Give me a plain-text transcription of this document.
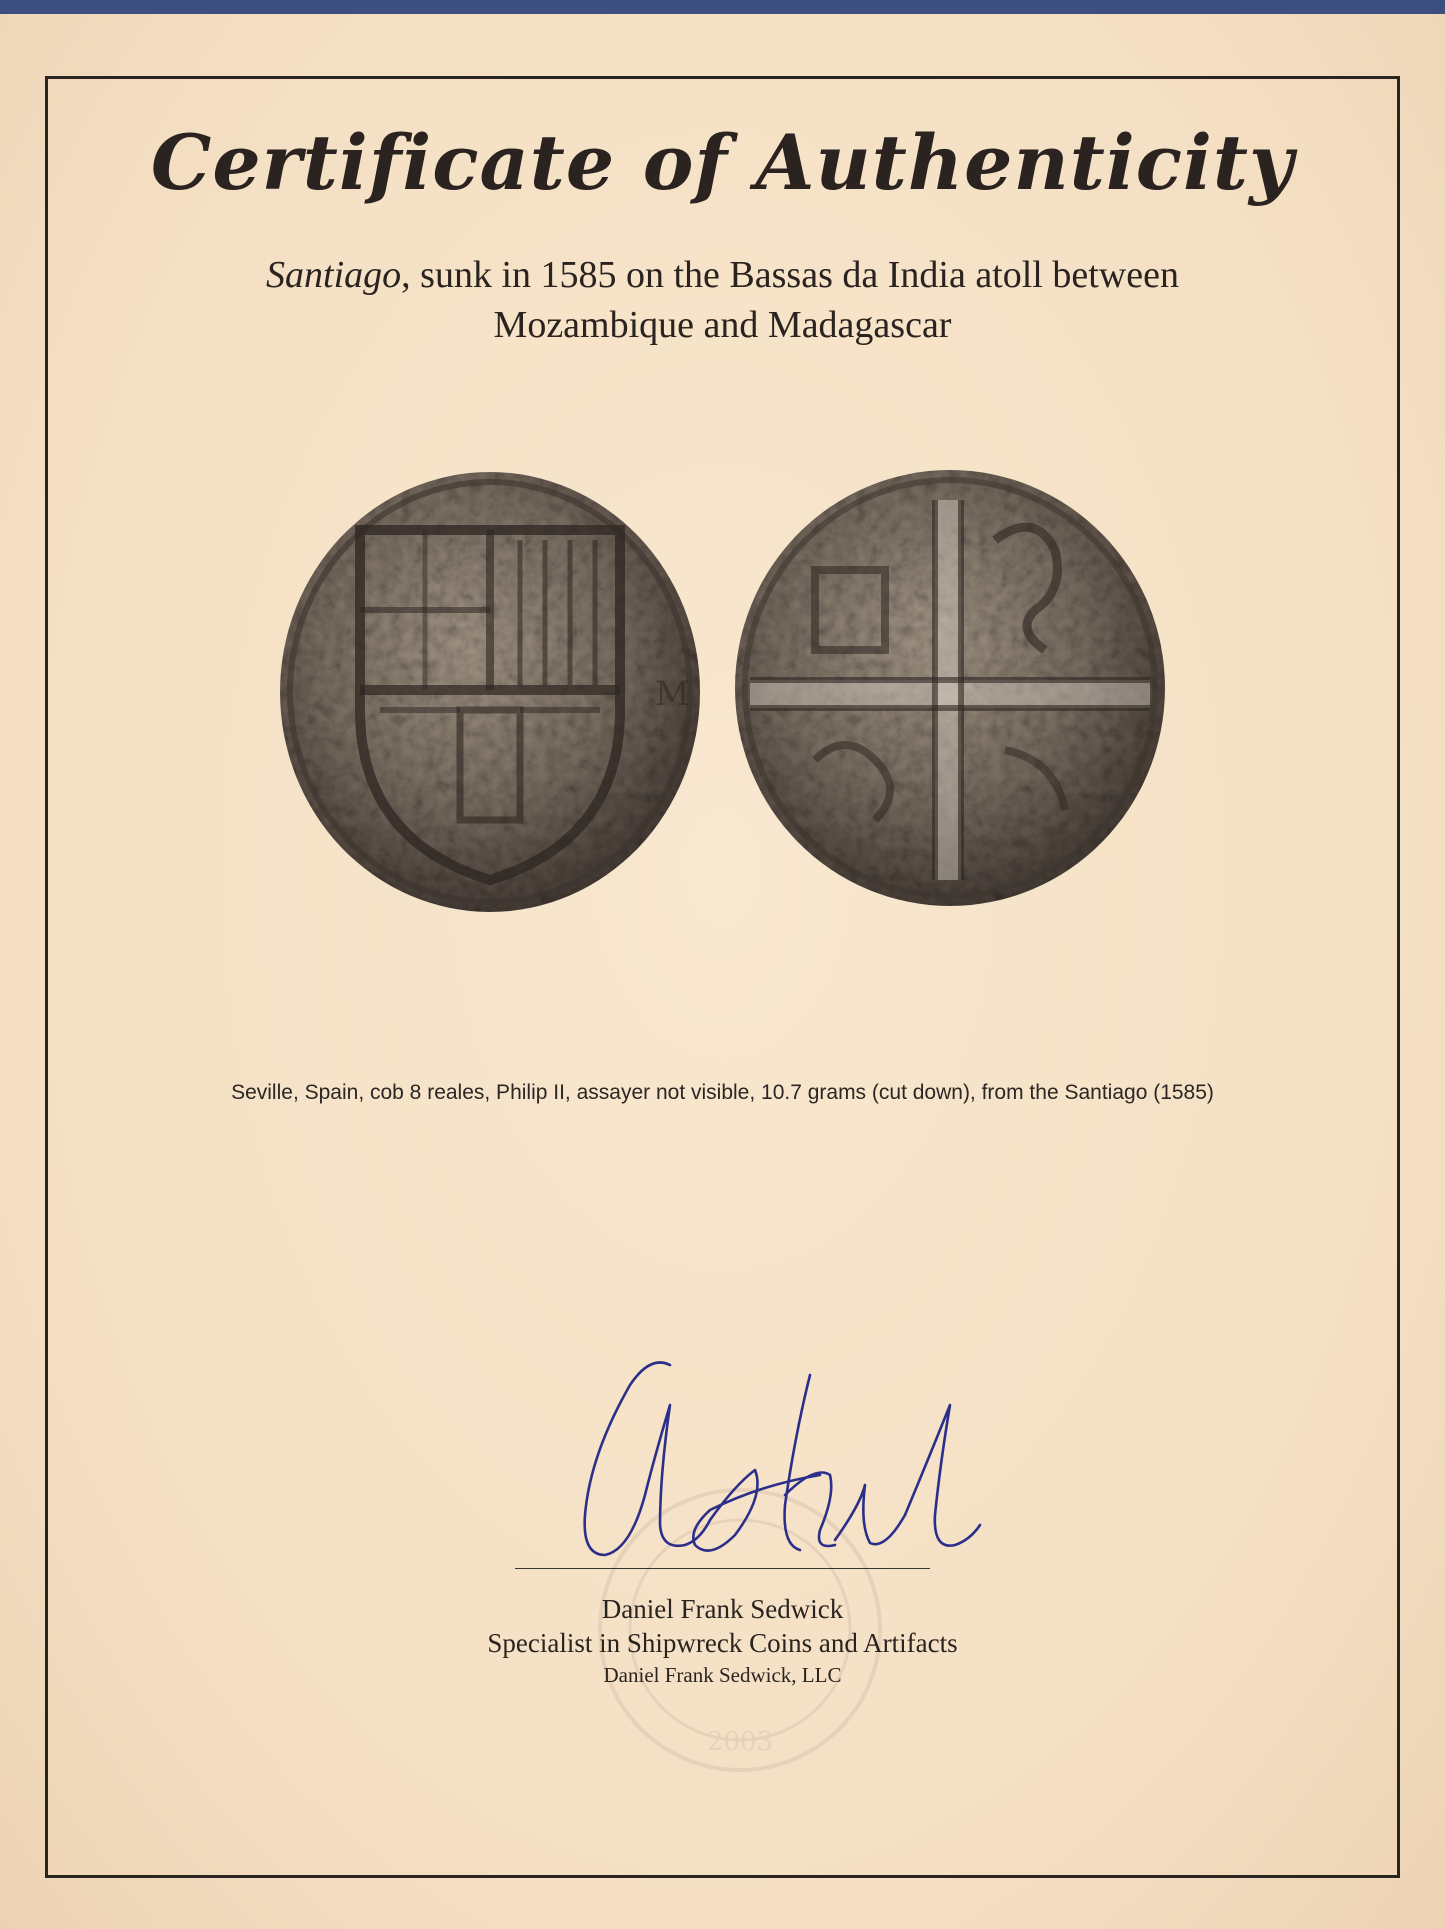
Certificate of Authenticity
Santiago, sunk in 1585 on the Bassas da India atoll between Mozambique and Madagascar
M
Seville, Spain, cob 8 reales, Philip II, assayer not visible, 10.7 grams (cut down), from the Santiago (1585)
2003
Daniel Frank Sedwick
Specialist in Shipwreck Coins and Artifacts
Daniel Frank Sedwick, LLC
